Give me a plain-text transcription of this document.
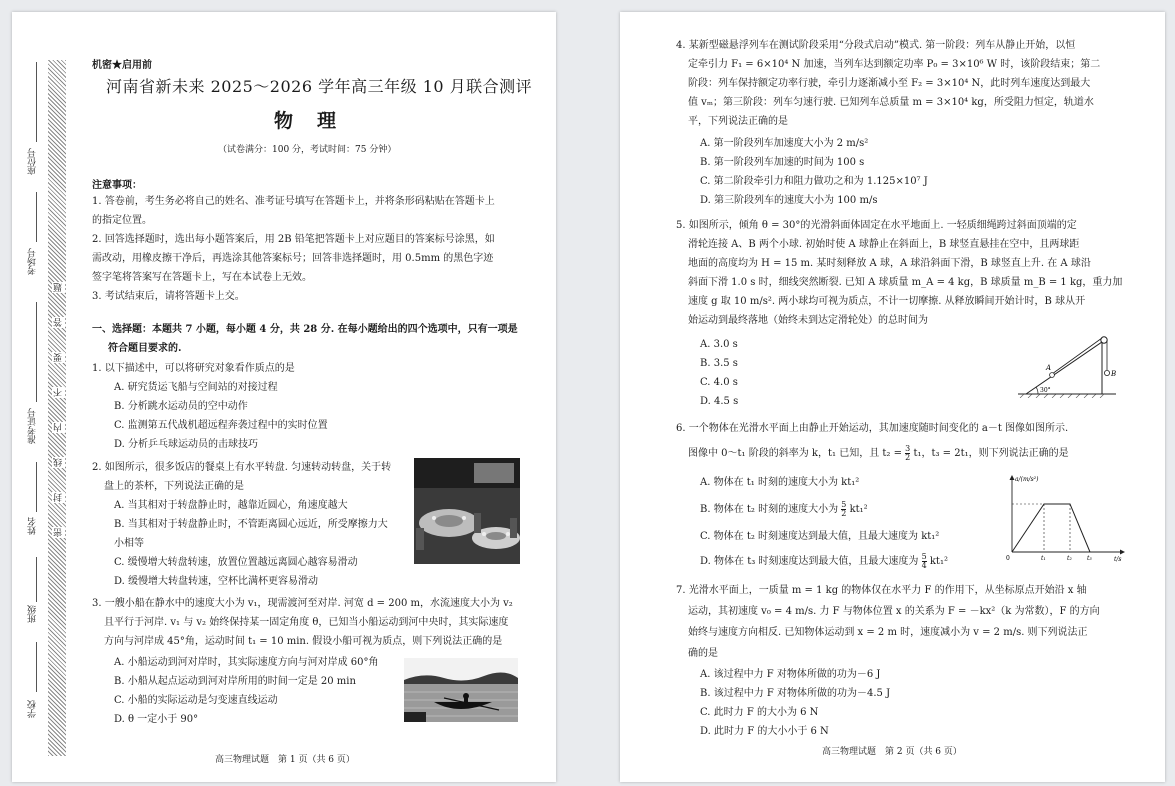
题
答
要
不
内
线
封
密
座位号
考场号
准考证号
姓名
班级
学校
机密★启用前
河南省新未来 2025～2026 学年高三年级 10 月联合测评
物理
（试卷满分：100 分，考试时间：75 分钟）
注意事项：
1. 答卷前，考生务必将自己的姓名、准考证号填写在答题卡上，并将条形码粘贴在答题卡上
的指定位置。
2. 回答选择题时，选出每小题答案后，用 2B 铅笔把答题卡上对应题目的答案标号涂黑，如
需改动，用橡皮擦干净后，再选涂其他答案标号；回答非选择题时，用 0.5mm 的黑色字迹
签字笔将答案写在答题卡上，写在本试卷上无效。
3. 考试结束后，请将答题卡上交。
一、选择题：本题共 7 小题，每小题 4 分，共 28 分. 在每小题给出的四个选项中，只有一项是
符合题目要求的.
1. 以下描述中，可以将研究对象看作质点的是
A. 研究货运飞船与空间站的对接过程
B. 分析跳水运动员的空中动作
C. 监测第五代战机超远程奔袭过程中的实时位置
D. 分析乒乓球运动员的击球技巧
2. 如图所示，很多饭店的餐桌上有水平转盘. 匀速转动转盘，关于转
盘上的茶杯，下列说法正确的是
A. 当其相对于转盘静止时，越靠近圆心，角速度越大
B. 当其相对于转盘静止时，不管距离圆心远近，所受摩擦力大
小相等
C. 缓慢增大转盘转速，放置位置越远离圆心越容易滑动
D. 缓慢增大转盘转速，空杯比满杯更容易滑动
3. 一艘小船在静水中的速度大小为 v₁，现需渡河至对岸. 河宽 d = 200 m，水流速度大小为 v₂
且平行于河岸. v₁ 与 v₂ 始终保持某一固定角度 θ，已知当小船运动到河中央时，其实际速度
方向与河岸成 45°角，运动时间 t₁ = 10 min. 假设小船可视为质点，则下列说法正确的是
A. 小船运动到河对岸时，其实际速度方向与河对岸成 60°角
B. 小船从起点运动到河对岸所用的时间一定是 20 min
C. 小船的实际运动是匀变速直线运动
D. θ 一定小于 90°
高三物理试题　第 1 页（共 6 页）
4. 某新型磁悬浮列车在测试阶段采用“分段式启动”模式. 第一阶段：列车从静止开始，以恒
定牵引力 F₁ = 6×10⁴ N 加速，当列车达到额定功率 P₀ = 3×10⁶ W 时，该阶段结束；第二
阶段：列车保持额定功率行驶，牵引力逐渐减小至 F₂ = 3×10⁴ N，此时列车速度达到最大
值 vₘ；第三阶段：列车匀速行驶. 已知列车总质量 m = 3×10⁴ kg，所受阻力恒定，轨道水
平，下列说法正确的是
A. 第一阶段列车加速度大小为 2 m/s²
B. 第一阶段列车加速的时间为 100 s
C. 第二阶段牵引力和阻力做功之和为 1.125×10⁷ J
D. 第三阶段列车的速度大小为 100 m/s
5. 如图所示，倾角 θ = 30°的光滑斜面体固定在水平地面上. 一轻质细绳跨过斜面顶端的定
滑轮连接 A、B 两个小球. 初始时使 A 球静止在斜面上，B 球竖直悬挂在空中，且两球距
地面的高度均为 H = 15 m. 某时刻释放 A 球，A 球沿斜面下滑，B 球竖直上升. 在 A 球沿
斜面下滑 1.0 s 时，细线突然断裂. 已知 A 球质量 m_A = 4 kg，B 球质量 m_B = 1 kg，重力加
速度 g 取 10 m/s². 两小球均可视为质点，不计一切摩擦. 从释放瞬间开始计时，B 球从开
始运动到最终落地（始终未到达定滑轮处）的总时间为
A. 3.0 s
B. 3.5 s
C. 4.0 s
D. 4.5 s
A
B
30°
6. 一个物体在光滑水平面上由静止开始运动，其加速度随时间变化的 a－t 图像如图所示.
图像中 0～t₁ 阶段的斜率为 k，t₁ 已知，且 $t_2 = \frac{3}{2} t_1$，t₃ = 2t₁，则下列说法正确的是
A. 物体在 t₁ 时刻的速度大小为 kt₁²
B. 物体在 t₂ 时刻的速度大小为 $\frac{5}{2} kt_1^2$
C. 物体在 t₂ 时刻速度达到最大值，且最大速度为 kt₁²
D. 物体在 t₃ 时刻速度达到最大值，且最大速度为 $\frac{5}{4} kt_1^2$
a/(m/s²)
t/s
0	t₁	t₂	t₃
7. 光滑水平面上，一质量 m = 1 kg 的物体仅在水平力 F 的作用下，从坐标原点开始沿 x 轴
运动，其初速度 v₀ = 4 m/s. 力 F 与物体位置 x 的关系为 F = －kx²（k 为常数），F 的方向
始终与速度方向相反. 已知物体运动到 x = 2 m 时，速度减小为 v = 2 m/s. 则下列说法正
确的是
A. 该过程中力 F 对物体所做的功为－6 J
B. 该过程中力 F 对物体所做的功为－4.5 J
C. 此时力 F 的大小为 6 N
D. 此时力 F 的大小小于 6 N
高三物理试题　第 2 页（共 6 页）
